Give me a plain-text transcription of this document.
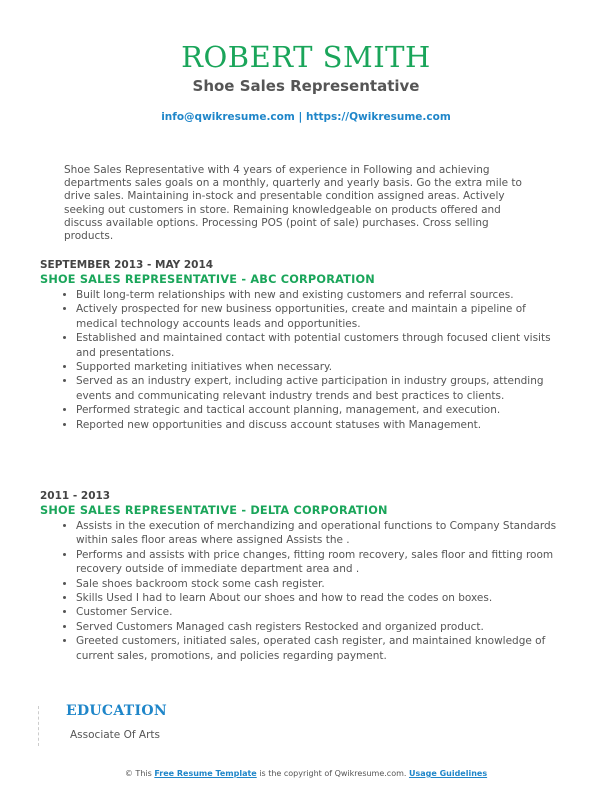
ROBERT SMITH
Shoe Sales Representative
info@qwikresume.com | https://Qwikresume.com
Shoe Sales Representative with 4 years of experience in Following and achieving departments sales goals on a monthly, quarterly and yearly basis. Go the extra mile to drive sales. Maintaining in-stock and presentable condition assigned areas. Actively seeking out customers in store. Remaining knowledgeable on products offered and discuss available options. Processing POS (point of sale) purchases. Cross selling products.
SEPTEMBER 2013 - MAY 2014
SHOE SALES REPRESENTATIVE - ABC CORPORATION
• Built long-term relationships with new and existing customers and referral sources.
• Actively prospected for new business opportunities, create and maintain a pipeline of medical technology accounts leads and opportunities.
• Established and maintained contact with potential customers through focused client visits and presentations.
• Supported marketing initiatives when necessary.
• Served as an industry expert, including active participation in industry groups, attending events and communicating relevant industry trends and best practices to clients.
• Performed strategic and tactical account planning, management, and execution.
• Reported new opportunities and discuss account statuses with Management.
2011 - 2013
SHOE SALES REPRESENTATIVE - DELTA CORPORATION
• Assists in the execution of merchandizing and operational functions to Company Standards within sales floor areas where assigned Assists the .
• Performs and assists with price changes, fitting room recovery, sales floor and fitting room recovery outside of immediate department area and .
• Sale shoes backroom stock some cash register.
• Skills Used I had to learn About our shoes and how to read the codes on boxes.
• Customer Service.
• Served Customers Managed cash registers Restocked and organized product.
• Greeted customers, initiated sales, operated cash register, and maintained knowledge of current sales, promotions, and policies regarding payment.
EDUCATION
Associate Of Arts
© This Free Resume Template is the copyright of Qwikresume.com. Usage Guidelines
